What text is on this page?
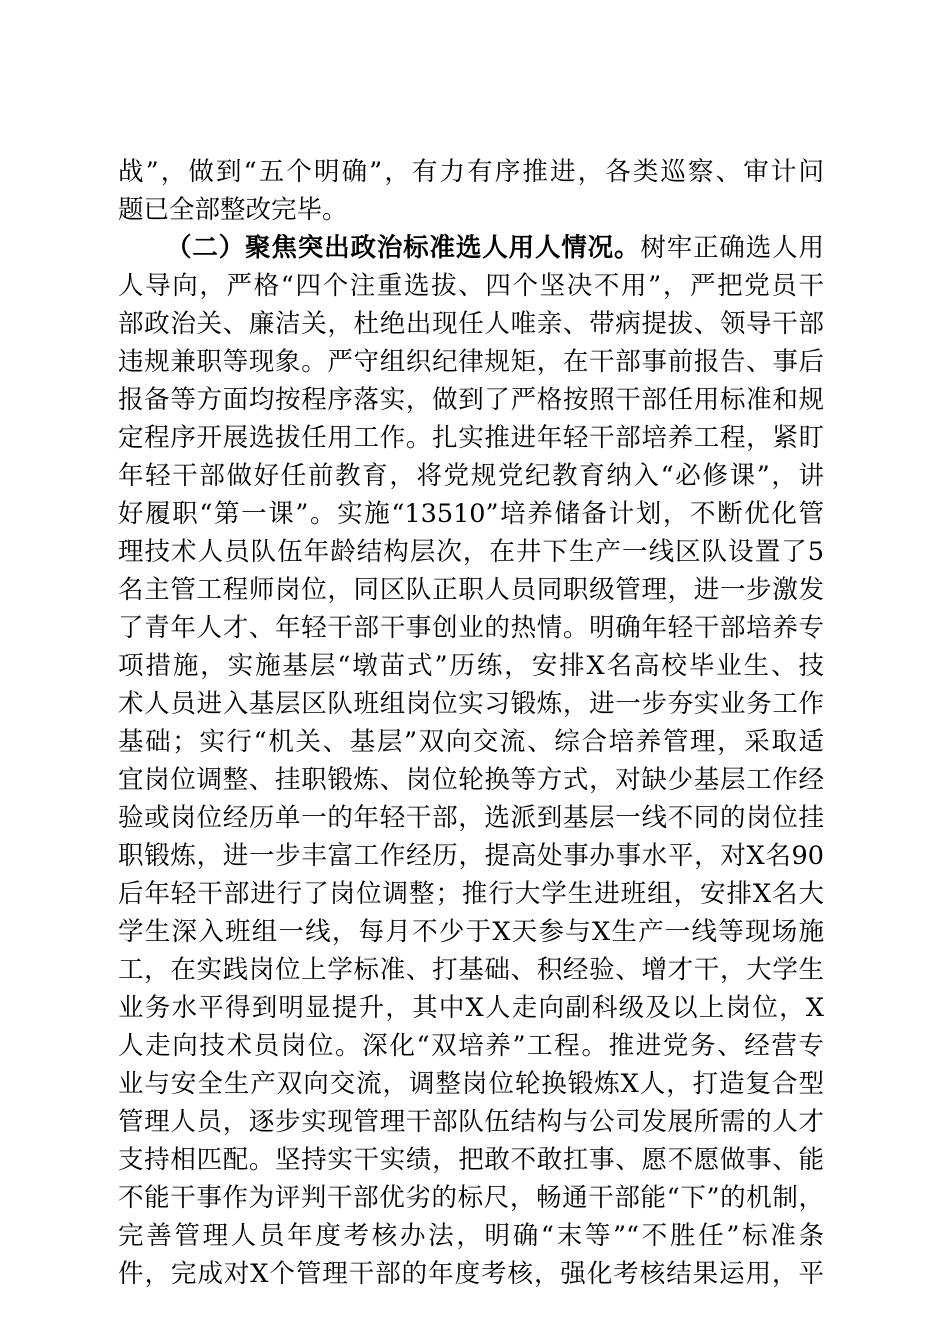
战”，做到“五个明确”，有力有序推进，各类巡察、审计问
题已全部整改完毕。
（二）聚焦突出政治标准选人用人情况。树牢正确选人用
人导向，严格“四个注重选拔、四个坚决不用”，严把党员干
部政治关、廉洁关，杜绝出现任人唯亲、带病提拔、领导干部
违规兼职等现象。严守组织纪律规矩，在干部事前报告、事后
报备等方面均按程序落实，做到了严格按照干部任用标准和规
定程序开展选拔任用工作。扎实推进年轻干部培养工程，紧盯
年轻干部做好任前教育，将党规党纪教育纳入“必修课”，讲
好履职“第一课”。实施“13510”培养储备计划，不断优化管
理技术人员队伍年龄结构层次，在井下生产一线区队设置了5
名主管工程师岗位，同区队正职人员同职级管理，进一步激发
了青年人才、年轻干部干事创业的热情。明确年轻干部培养专
项措施，实施基层“墩苗式”历练，安排X名高校毕业生、技
术人员进入基层区队班组岗位实习锻炼，进一步夯实业务工作
基础；实行“机关、基层”双向交流、综合培养管理，采取适
宜岗位调整、挂职锻炼、岗位轮换等方式，对缺少基层工作经
验或岗位经历单一的年轻干部，选派到基层一线不同的岗位挂
职锻炼，进一步丰富工作经历，提高处事办事水平，对X名90
后年轻干部进行了岗位调整；推行大学生进班组，安排X名大
学生深入班组一线，每月不少于X天参与X生产一线等现场施
工，在实践岗位上学标准、打基础、积经验、增才干，大学生
业务水平得到明显提升，其中X人走向副科级及以上岗位，X
人走向技术员岗位。深化“双培养”工程。推进党务、经营专
业与安全生产双向交流，调整岗位轮换锻炼X人，打造复合型
管理人员，逐步实现管理干部队伍结构与公司发展所需的人才
支持相匹配。坚持实干实绩，把敢不敢扛事、愿不愿做事、能
不能干事作为评判干部优劣的标尺，畅通干部能“下”的机制，
完善管理人员年度考核办法，明确“末等”“不胜任”标准条
件，完成对X个管理干部的年度考核，强化考核结果运用，平
